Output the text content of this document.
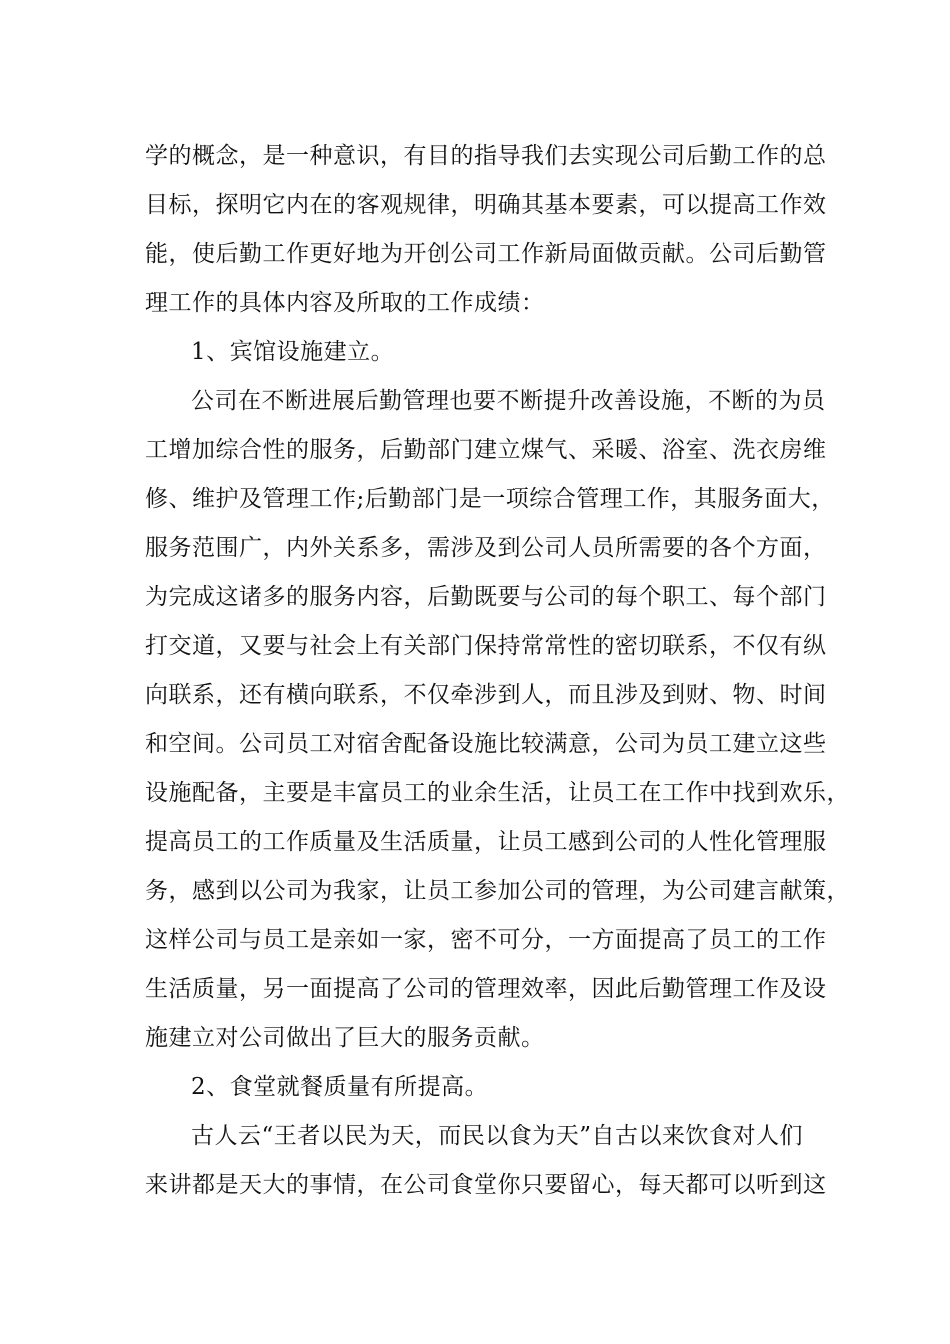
学的概念，是一种意识，有目的指导我们去实现公司后勤工作的总
目标，探明它内在的客观规律，明确其基本要素，可以提高工作效
能，使后勤工作更好地为开创公司工作新局面做贡献。公司后勤管
理工作的具体内容及所取的工作成绩：
1、宾馆设施建立。
公司在不断进展后勤管理也要不断提升改善设施，不断的为员
工增加综合性的服务，后勤部门建立煤气、采暖、浴室、洗衣房维
修、维护及管理工作;后勤部门是一项综合管理工作，其服务面大，
服务范围广，内外关系多，需涉及到公司人员所需要的各个方面，
为完成这诸多的服务内容，后勤既要与公司的每个职工、每个部门
打交道，又要与社会上有关部门保持常常性的密切联系，不仅有纵
向联系，还有横向联系，不仅牵涉到人，而且涉及到财、物、时间
和空间。公司员工对宿舍配备设施比较满意，公司为员工建立这些
设施配备，主要是丰富员工的业余生活，让员工在工作中找到欢乐，
提高员工的工作质量及生活质量，让员工感到公司的人性化管理服
务，感到以公司为我家，让员工参加公司的管理，为公司建言献策，
这样公司与员工是亲如一家，密不可分，一方面提高了员工的工作
生活质量，另一面提高了公司的管理效率，因此后勤管理工作及设
施建立对公司做出了巨大的服务贡献。
2、食堂就餐质量有所提高。
古人云“王者以民为天，而民以食为天”自古以来饮食对人们
来讲都是天大的事情，在公司食堂你只要留心，每天都可以听到这
